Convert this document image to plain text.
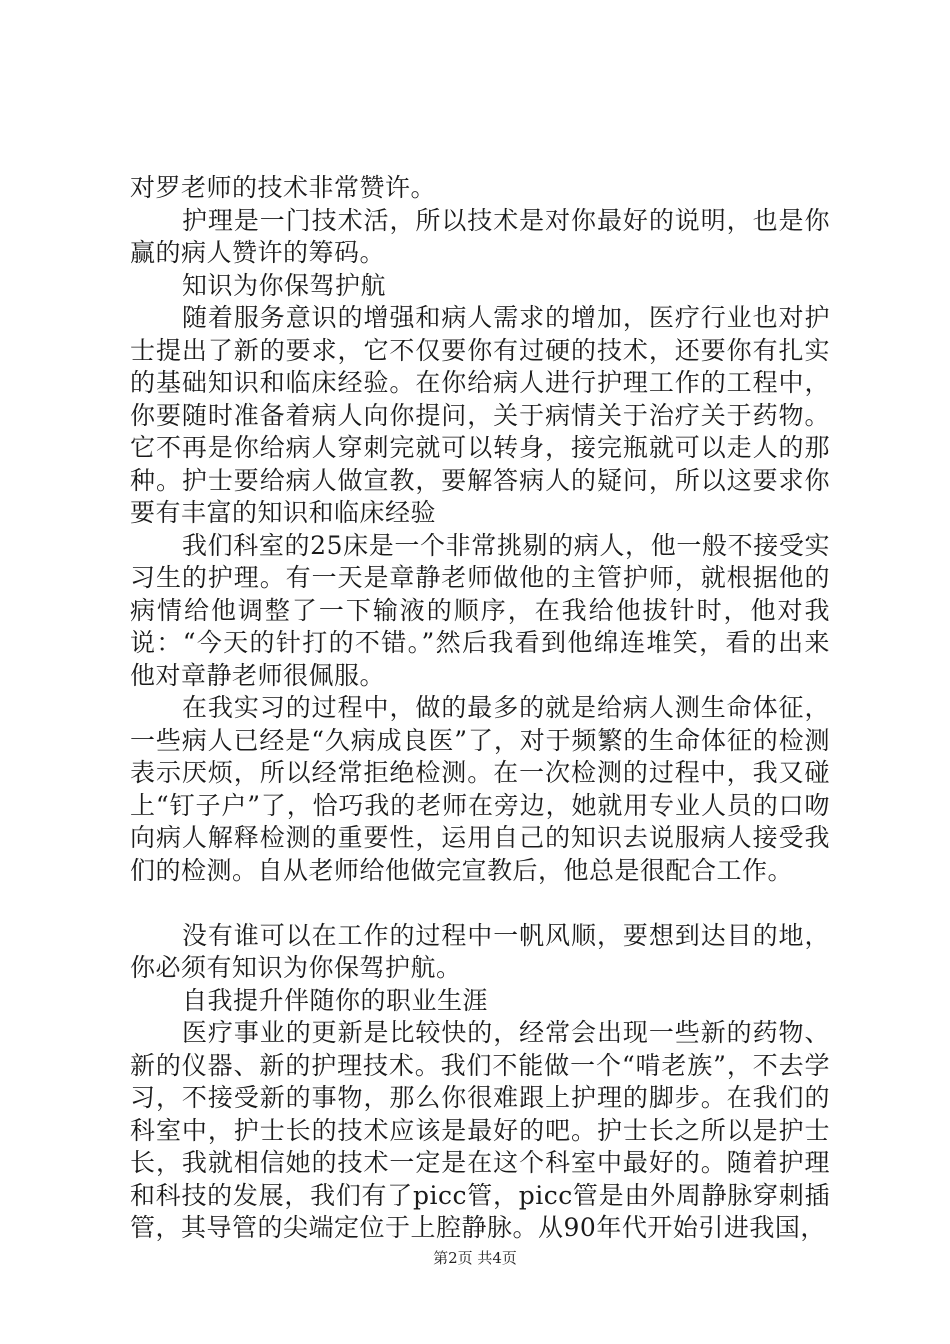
对罗老师的技术非常赞许。

护理是一门技术活，所以技术是对你最好的说明，也是你赢的病人赞许的筹码。

知识为你保驾护航

随着服务意识的增强和病人需求的增加，医疗行业也对护士提出了新的要求，它不仅要你有过硬的技术，还要你有扎实的基础知识和临床经验。在你给病人进行护理工作的工程中，你要随时准备着病人向你提问，关于病情关于治疗关于药物。它不再是你给病人穿刺完就可以转身，接完瓶就可以走人的那种。护士要给病人做宣教，要解答病人的疑问，所以这要求你要有丰富的知识和临床经验

我们科室的25床是一个非常挑剔的病人，他一般不接受实习生的护理。有一天是章静老师做他的主管护师，就根据他的病情给他调整了一下输液的顺序，在我给他拔针时，他对我说：“今天的针打的不错。”然后我看到他绵连堆笑，看的出来他对章静老师很佩服。

在我实习的过程中，做的最多的就是给病人测生命体征，一些病人已经是“久病成良医”了，对于频繁的生命体征的检测表示厌烦，所以经常拒绝检测。在一次检测的过程中，我又碰上“钉子户”了，恰巧我的老师在旁边，她就用专业人员的口吻向病人解释检测的重要性，运用自己的知识去说服病人接受我们的检测。自从老师给他做完宣教后，他总是很配合工作。

没有谁可以在工作的过程中一帆风顺，要想到达目的地，你必须有知识为你保驾护航。

自我提升伴随你的职业生涯

医疗事业的更新是比较快的，经常会出现一些新的药物、新的仪器、新的护理技术。我们不能做一个“啃老族”，不去学习，不接受新的事物，那么你很难跟上护理的脚步。在我们的科室中，护士长的技术应该是最好的吧。护士长之所以是护士长，我就相信她的技术一定是在这个科室中最好的。随着护理和科技的发展，我们有了picc管，picc管是由外周静脉穿刺插管，其导管的尖端定位于上腔静脉。从90年代开始引进我国，

第2页 共4页
